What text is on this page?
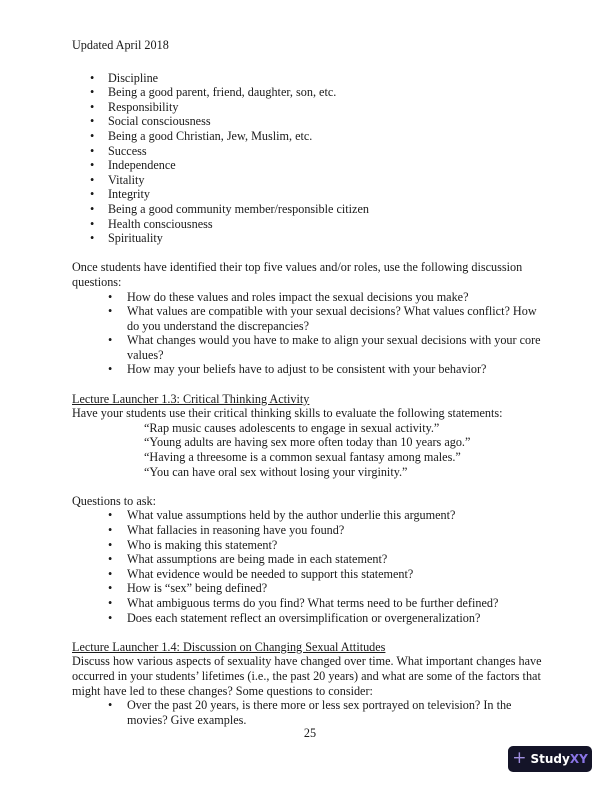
Updated April 2018

• Discipline
• Being a good parent, friend, daughter, son, etc.
• Responsibility
• Social consciousness
• Being a good Christian, Jew, Muslim, etc.
• Success
• Independence
• Vitality
• Integrity
• Being a good community member/responsible citizen
• Health consciousness
• Spirituality

Once students have identified their top five values and/or roles, use the following discussion questions:

• How do these values and roles impact the sexual decisions you make?
• What values are compatible with your sexual decisions? What values conflict? How do you understand the discrepancies?
• What changes would you have to make to align your sexual decisions with your core values?
• How may your beliefs have to adjust to be consistent with your behavior?

Lecture Launcher 1.3: Critical Thinking Activity

Have your students use their critical thinking skills to evaluate the following statements:

“Rap music causes adolescents to engage in sexual activity.”

“Young adults are having sex more often today than 10 years ago.”

“Having a threesome is a common sexual fantasy among males.”

“You can have oral sex without losing your virginity.”

Questions to ask:

• What value assumptions held by the author underlie this argument?
• What fallacies in reasoning have you found?
• Who is making this statement?
• What assumptions are being made in each statement?
• What evidence would be needed to support this statement?
• How is “sex” being defined?
• What ambiguous terms do you find? What terms need to be further defined?
• Does each statement reflect an oversimplification or overgeneralization?

Lecture Launcher 1.4: Discussion on Changing Sexual Attitudes

Discuss how various aspects of sexuality have changed over time. What important changes have occurred in your students’ lifetimes (i.e., the past 20 years) and what are some of the factors that might have led to these changes? Some questions to consider:

• Over the past 20 years, is there more or less sex portrayed on television? In the movies? Give examples.
25
+ StudyXY
